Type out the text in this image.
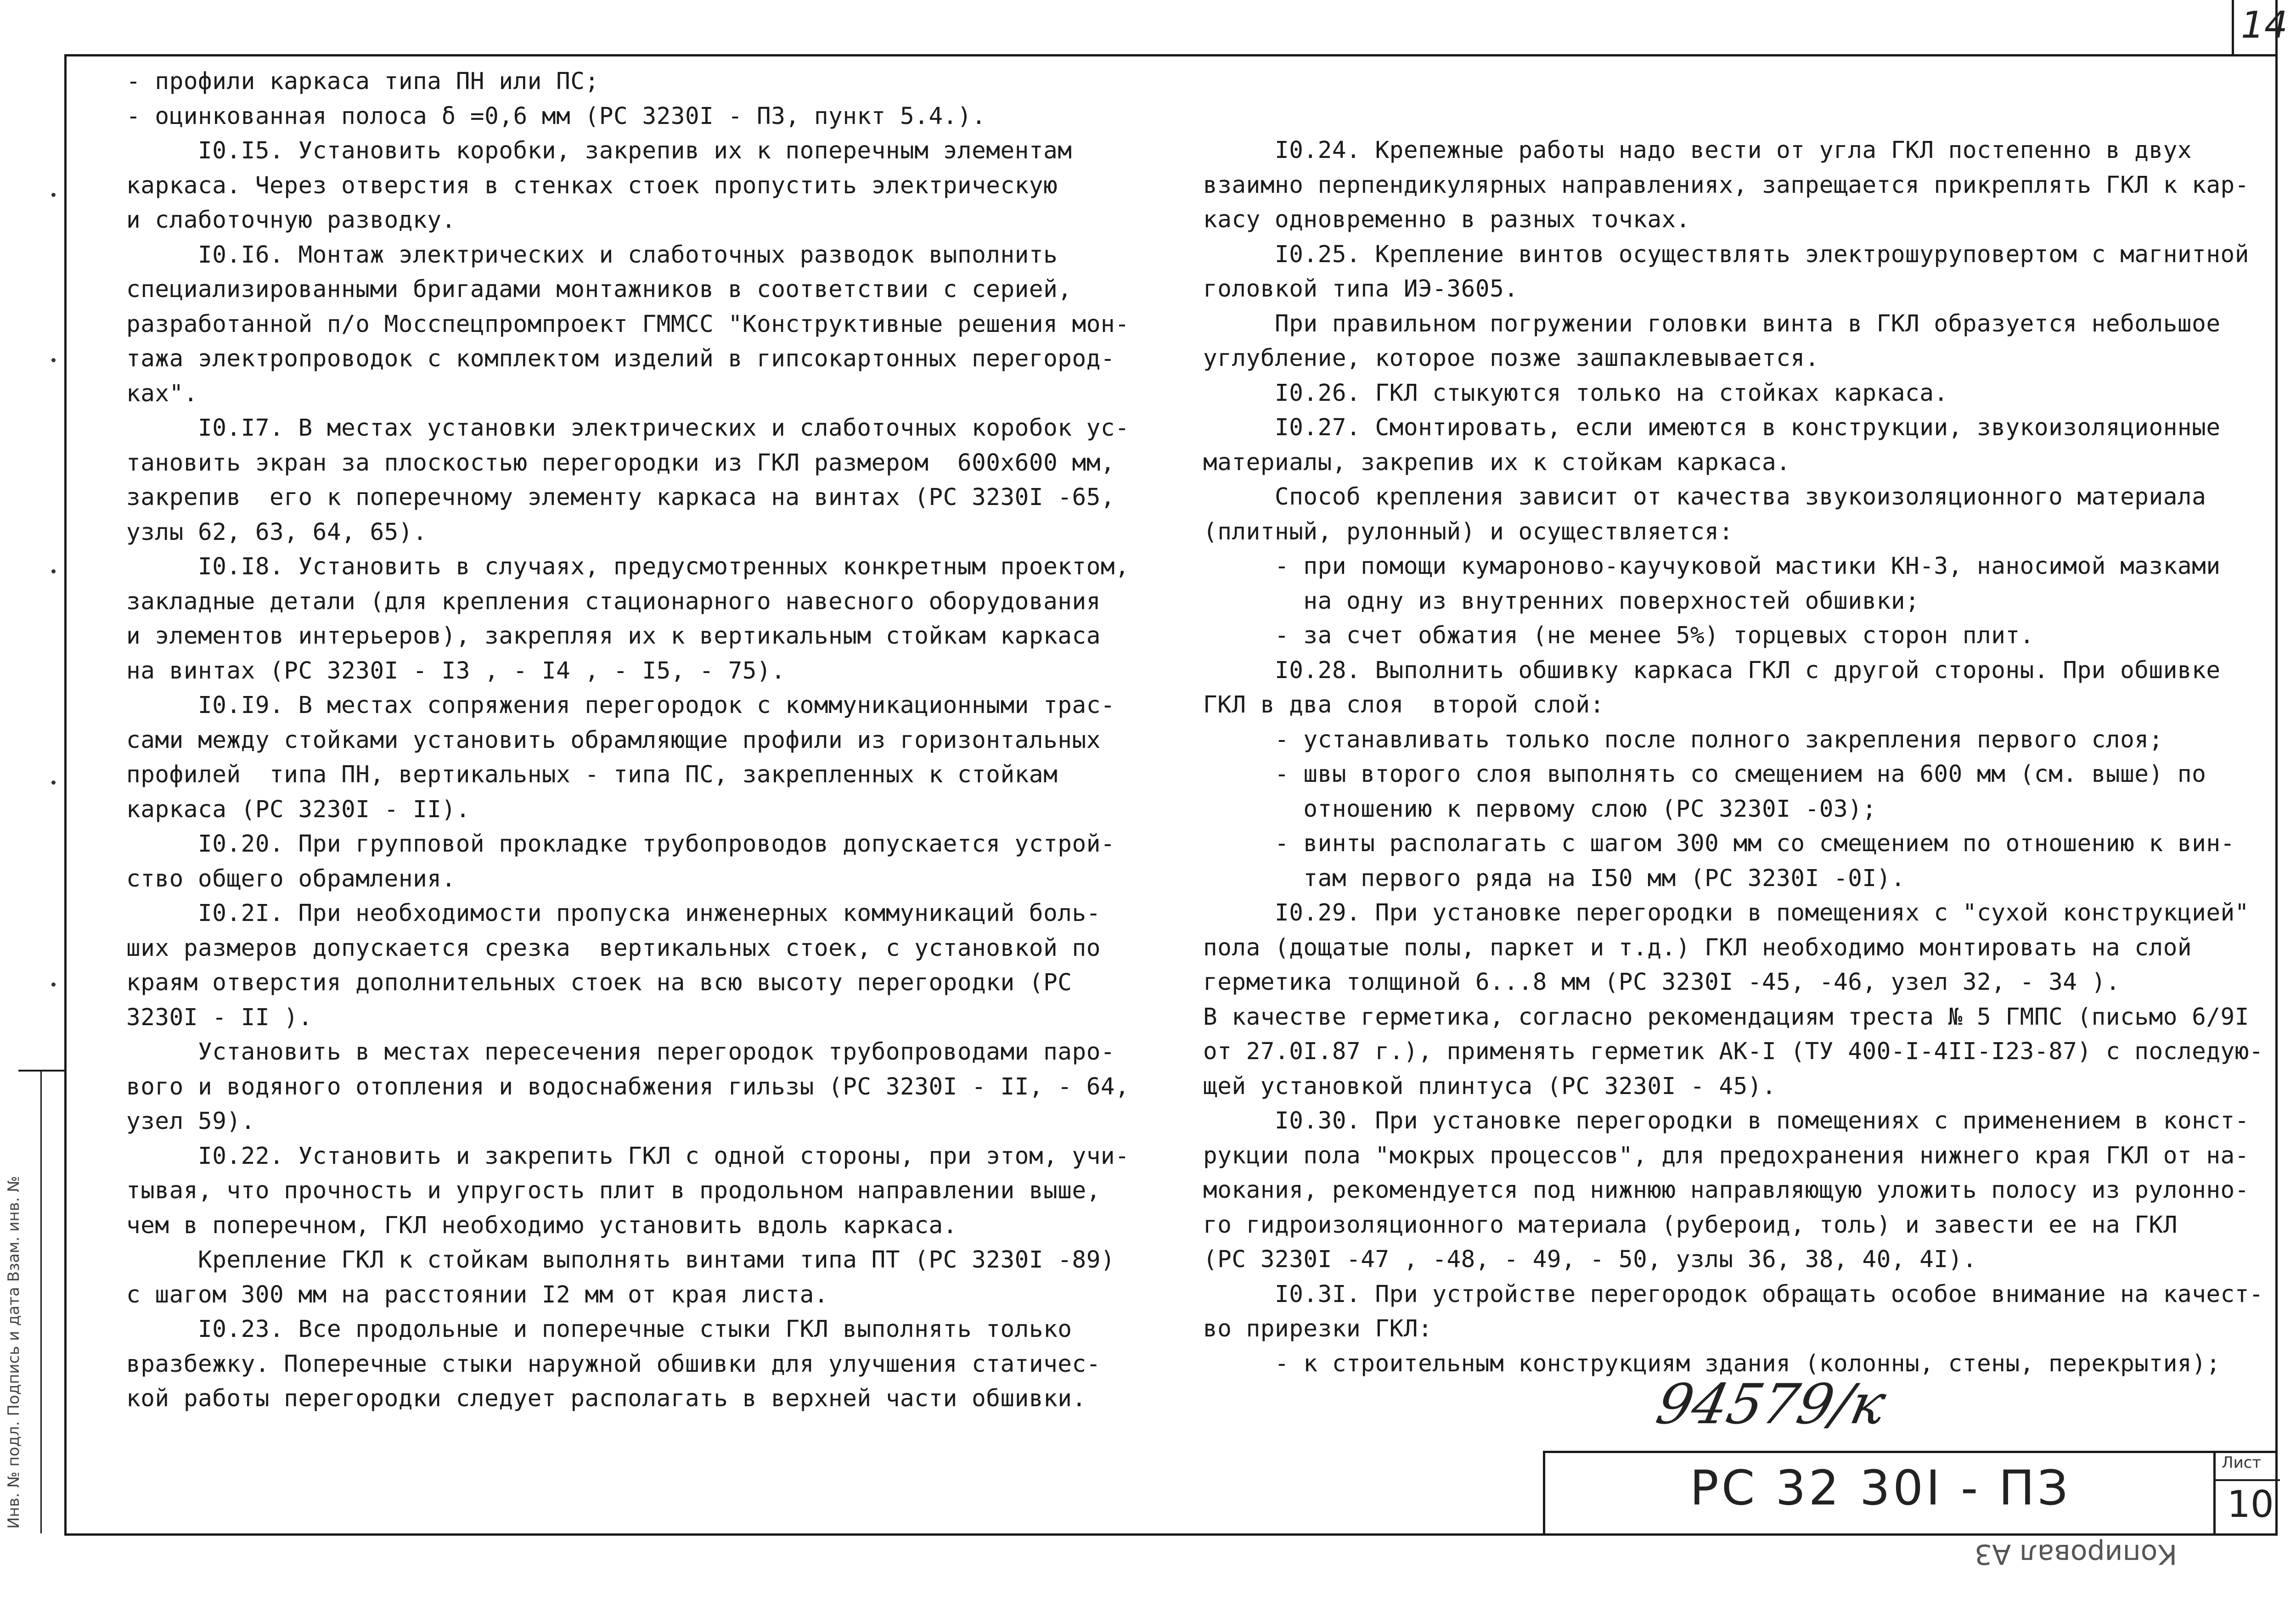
14
Инв. № подл. Подпись и дата Взам. инв. №
- профили каркаса типа ПН или ПС;
- оцинкованная полоса δ =0,6 мм (РС 3230I - ПЗ, пункт 5.4.).
I0.I5. Установить коробки, закрепив их к поперечным элементам
каркаса. Через отверстия в стенках стоек пропустить электрическую
и слаботочную разводку.
I0.I6. Монтаж электрических и слаботочных разводок выполнить
специализированными бригадами монтажников в соответствии с серией,
разработанной п/о Мосспецпромпроект ГММСС "Конструктивные решения мон-
тажа электропроводок с комплектом изделий в гипсокартонных перегород-
ках".
I0.I7. В местах установки электрических и слаботочных коробок ус-
тановить экран за плоскостью перегородки из ГКЛ размером  600х600 мм,
закрепив  его к поперечному элементу каркаса на винтах (РС 3230I -65,
узлы 62, 63, 64, 65).
I0.I8. Установить в случаях, предусмотренных конкретным проектом,
закладные детали (для крепления стационарного навесного оборудования
и элементов интерьеров), закрепляя их к вертикальным стойкам каркаса
на винтах (РС 3230I - I3 , - I4 , - I5, - 75).
I0.I9. В местах сопряжения перегородок с коммуникационными трас-
сами между стойками установить обрамляющие профили из горизонтальных
профилей  типа ПН, вертикальных - типа ПС, закрепленных к стойкам
каркаса (РС 3230I - II).
I0.20. При групповой прокладке трубопроводов допускается устрой-
ство общего обрамления.
I0.2I. При необходимости пропуска инженерных коммуникаций боль-
ших размеров допускается срезка  вертикальных стоек, с установкой по
краям отверстия дополнительных стоек на всю высоту перегородки (РС
3230I - II ).
Установить в местах пересечения перегородок трубопроводами паро-
вого и водяного отопления и водоснабжения гильзы (РС 3230I - II, - 64,
узел 59).
I0.22. Установить и закрепить ГКЛ с одной стороны, при этом, учи-
тывая, что прочность и упругость плит в продольном направлении выше,
чем в поперечном, ГКЛ необходимо установить вдоль каркаса.
Крепление ГКЛ к стойкам выполнять винтами типа ПТ (РС 3230I -89)
с шагом 300 мм на расстоянии I2 мм от края листа.
I0.23. Все продольные и поперечные стыки ГКЛ выполнять только
вразбежку. Поперечные стыки наружной обшивки для улучшения статичес-
кой работы перегородки следует располагать в верхней части обшивки.
I0.24. Крепежные работы надо вести от угла ГКЛ постепенно в двух
взаимно перпендикулярных направлениях, запрещается прикреплять ГКЛ к кар-
касу одновременно в разных точках.
I0.25. Крепление винтов осуществлять электрошуруповертом с магнитной
головкой типа ИЭ-3605.
При правильном погружении головки винта в ГКЛ образуется небольшое
углубление, которое позже зашпаклевывается.
I0.26. ГКЛ стыкуются только на стойках каркаса.
I0.27. Смонтировать, если имеются в конструкции, звукоизоляционные
материалы, закрепив их к стойкам каркаса.
Способ крепления зависит от качества звукоизоляционного материала
(плитный, рулонный) и осуществляется:
- при помощи кумароново-каучуковой мастики КН-3, наносимой мазками
на одну из внутренних поверхностей обшивки;
- за счет обжатия (не менее 5%) торцевых сторон плит.
I0.28. Выполнить обшивку каркаса ГКЛ с другой стороны. При обшивке
ГКЛ в два слоя  второй слой:
- устанавливать только после полного закрепления первого слоя;
- швы второго слоя выполнять со смещением на 600 мм (см. выше) по
отношению к первому слою (РС 3230I -03);
- винты располагать с шагом 300 мм со смещением по отношению к вин-
там первого ряда на I50 мм (РС 3230I -0I).
I0.29. При установке перегородки в помещениях с "сухой конструкцией"
пола (дощатые полы, паркет и т.д.) ГКЛ необходимо монтировать на слой
герметика толщиной 6...8 мм (РС 3230I -45, -46, узел 32, - 34 ).
В качестве герметика, согласно рекомендациям треста № 5 ГМПС (письмо 6/9I
от 27.0I.87 г.), применять герметик АК-I (ТУ 400-I-4II-I23-87) с последую-
щей установкой плинтуса (РС 3230I - 45).
I0.30. При установке перегородки в помещениях с применением в конст-
рукции пола "мокрых процессов", для предохранения нижнего края ГКЛ от на-
мокания, рекомендуется под нижнюю направляющую уложить полосу из рулонно-
го гидроизоляционного материала (рубероид, толь) и завести ее на ГКЛ
(РС 3230I -47 , -48, - 49, - 50, узлы 36, 38, 40, 4I).
I0.3I. При устройстве перегородок обращать особое внимание на качест-
во прирезки ГКЛ:
- к строительным конструкциям здания (колонны, стены, перекрытия);
94579/к
РС 32 30I - ПЗ	Лист
10
Копировал А3
